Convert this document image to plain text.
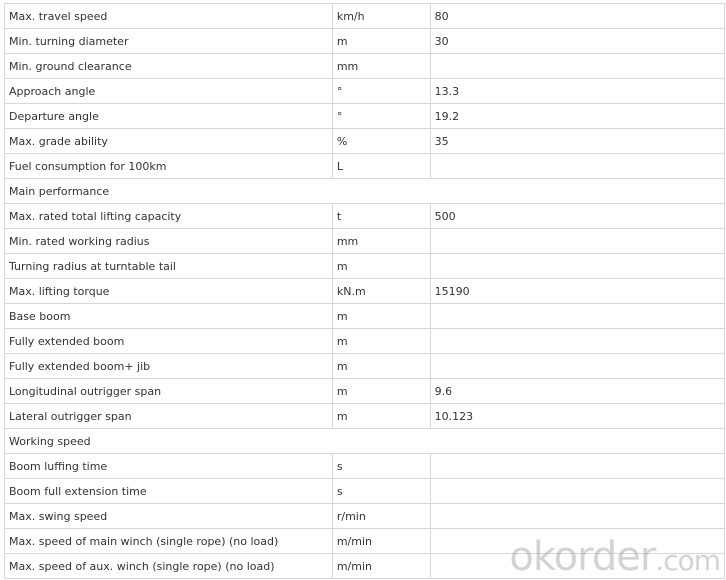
Max. travel speed	km/h	80
Min. turning diameter	m	30
Min. ground clearance	mm	
Approach angle	°	13.3
Departure angle	°	19.2
Max. grade ability	%	35
Fuel consumption for 100km	L	
Main performance		
Max. rated total lifting capacity	t	500
Min. rated working radius	mm	
Turning radius at turntable tail	m	
Max. lifting torque	kN.m	15190
Base boom	m	
Fully extended boom	m	
Fully extended boom+ jib	m	
Longitudinal outrigger span	m	9.6
Lateral outrigger span	m	10.123
Working speed		
Boom luffing time	s	
Boom full extension time	s	
Max. swing speed	r/min	
Max. speed of main winch (single rope) (no load)	m/min	
Max. speed of aux. winch (single rope) (no load)	m/min		okorder.com
